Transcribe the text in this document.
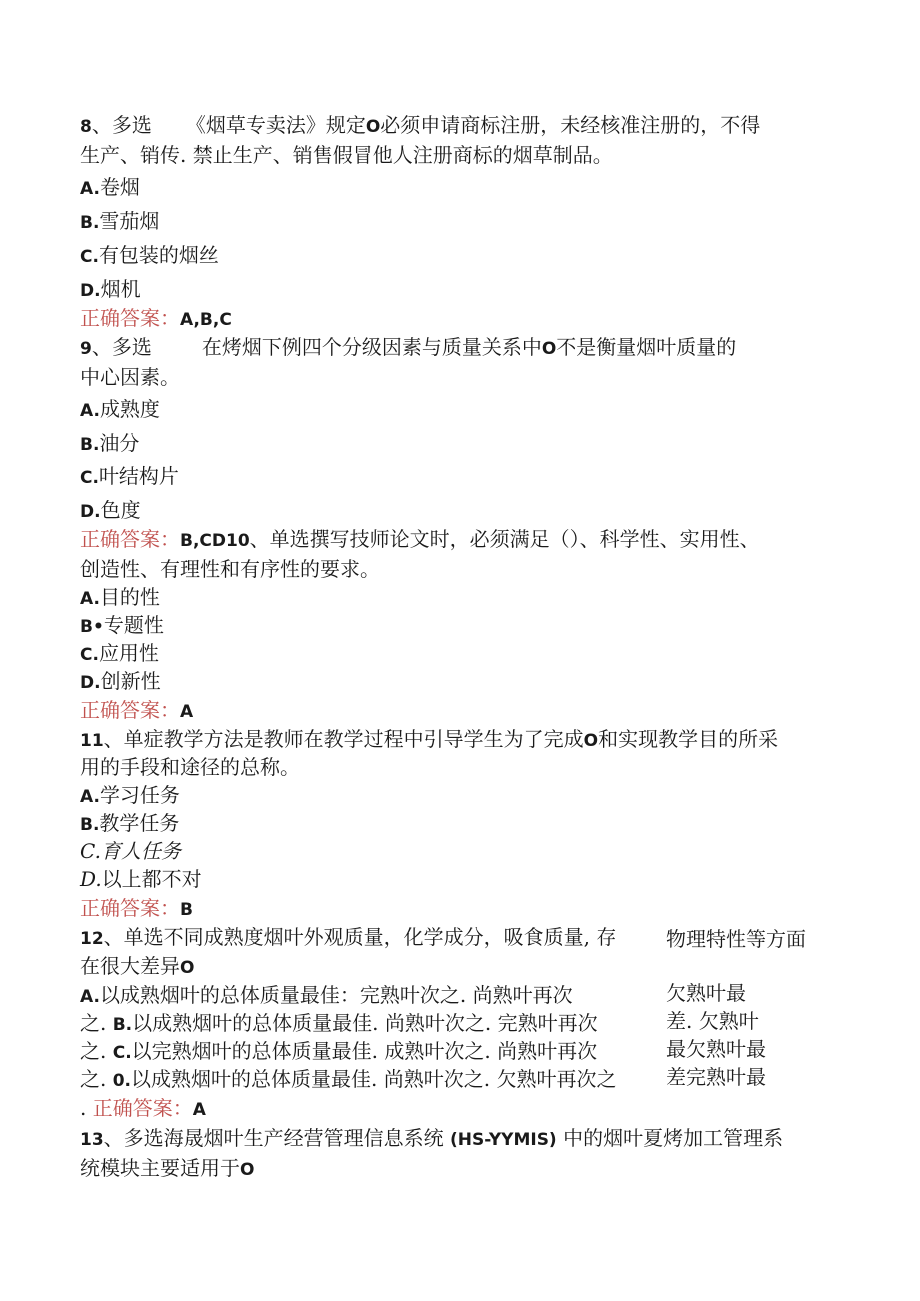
8、多选 《烟草专卖法》规定O必须申请商标注册，未经核准注册的，不得
生产、销传. 禁止生产、销售假冒他人注册商标的烟草制品。
A.卷烟
B.雪茄烟
C.有包装的烟丝
D.烟机
正确答案：A,B,C
9、多选	在烤烟下例四个分级因素与质量关系中O不是衡量烟叶质量的
中心因素。
A.成熟度
B.油分
C.叶结构片
D.色度
正确答案：B,CD10、单选撰写技师论文时，必须满足（）、科学性、实用性、
创造性、有理性和有序性的要求。
A.目的性
B•专题性
C.应用性
D.创新性
正确答案：A
11、单症教学方法是教师在教学过程中引导学生为了完成O和实现教学目的所采
用的手段和途径的总称。
A.学习任务
B.教学任务
C.育人任务
D.以上都不对
正确答案：B
12、单选不同成熟度烟叶外观质量，化学成分，吸食质量, 存 物理特性等方面
在很大差异O
A.以成熟烟叶的总体质量最佳：完熟叶次之. 尚熟叶再次	欠熟叶最
之. B.以成熟烟叶的总体质量最佳. 尚熟叶次之. 完熟叶再次	差. 欠熟叶
之. C.以完熟烟叶的总体质量最佳. 成熟叶次之. 尚熟叶再次	最欠熟叶最
之. 0.以成熟烟叶的总体质量最佳. 尚熟叶次之. 欠熟叶再次之 差完熟叶最
. 正确答案：A
13、多选海晟烟叶生产经营管理信息系统 (HS-YYMIS) 中的烟叶夏烤加工管理系
统模块主要适用于O
